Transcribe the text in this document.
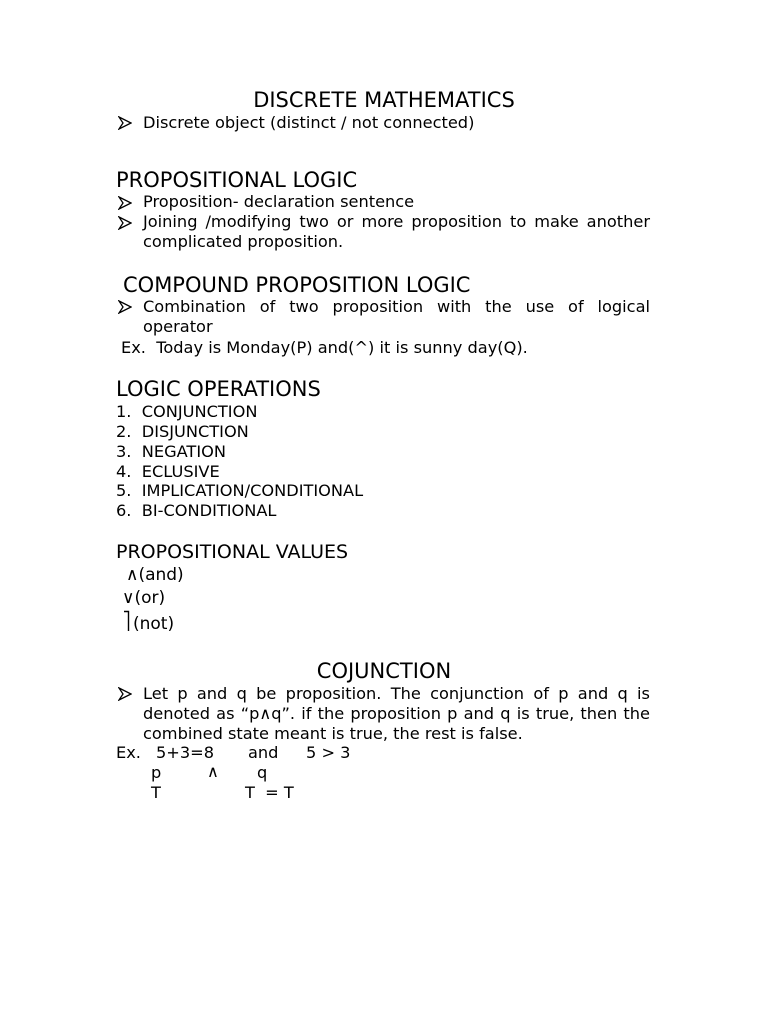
DISCRETE MATHEMATICS
Discrete object (distinct / not connected)
PROPOSITIONAL LOGIC
Proposition- declaration sentence
Joining /modifying two or more proposition to make another complicated proposition.
COMPOUND PROPOSITION LOGIC
Combination of two proposition with the use of logical operator
Ex.  Today is Monday(P) and(^) it is sunny day(Q).
LOGIC OPERATIONS
1.  CONJUNCTION
2.  DISJUNCTION
3.  NEGATION
4.  ECLUSIVE
5.  IMPLICATION/CONDITIONAL
6.  BI-CONDITIONAL
PROPOSITIONAL VALUES
∧(and)
∨(or)
(not)
COJUNCTION
Let p and q be proposition. The conjunction of p and q is denoted as “p∧q”. if the proposition p and q is true, then the combined state meant is true, the rest is false.
Ex. 5+3=8 and 5 > 3
p	∧ q
T	T  = T
